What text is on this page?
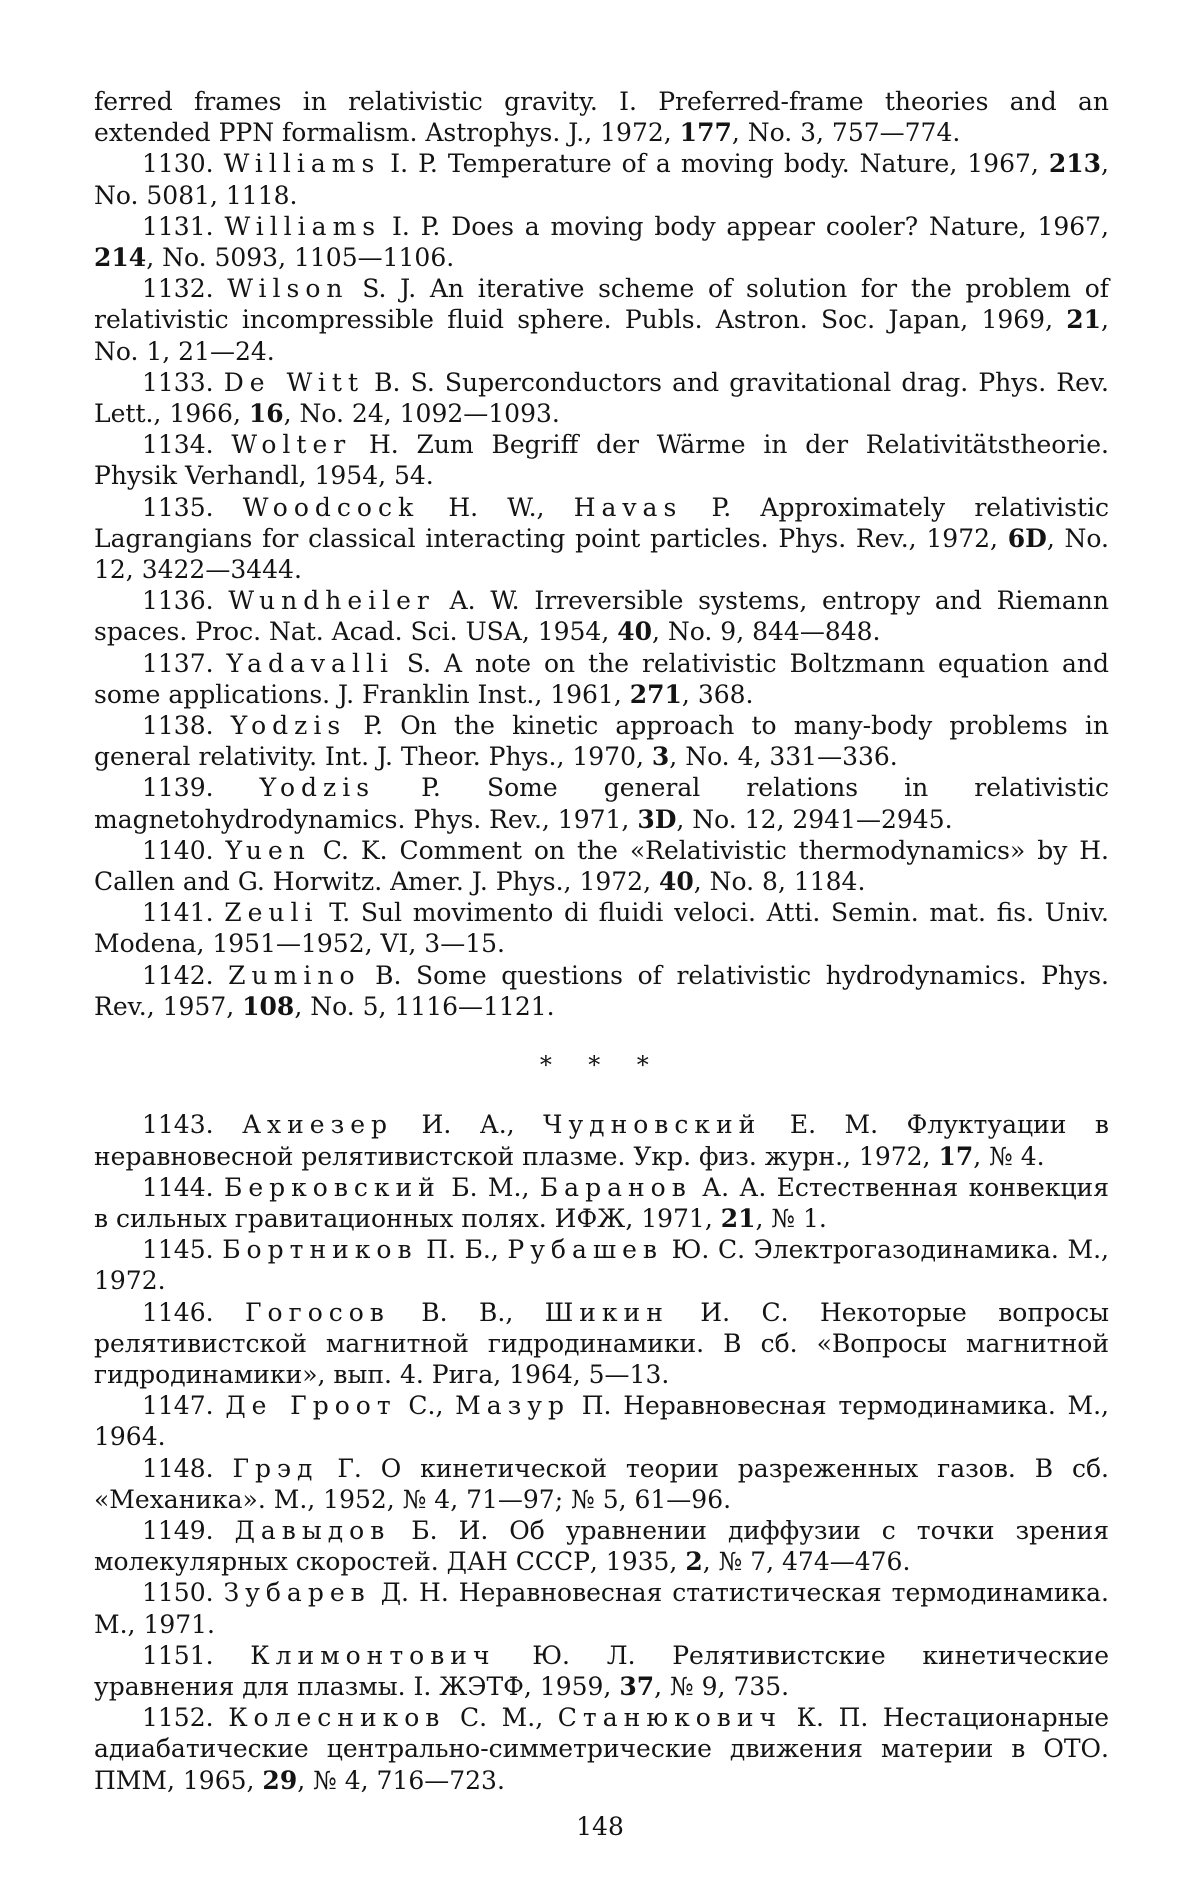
ferred frames in relativistic gravity. I. Preferred-frame theories and an extended PPN formalism. Astrophys. J., 1972, 177, No. 3, 757—774.

1130. Williams I. P. Temperature of a moving body. Nature, 1967, 213, No. 5081, 1118.

1131. Williams I. P. Does a moving body appear cooler? Nature, 1967, 214, No. 5093, 1105—1106.

1132. Wilson S. J. An iterative scheme of solution for the problem of relativistic incompressible fluid sphere. Publs. Astron. Soc. Japan, 1969, 21, No. 1, 21—24.

1133. De Witt B. S. Superconductors and gravitational drag. Phys. Rev. Lett., 1966, 16, No. 24, 1092—1093.

1134. Wolter H. Zum Begriff der Wärme in der Relativitätstheorie. Physik Verhandl, 1954, 54.

1135. Woodcock H. W., Havas P. Approximately relativistic Lagrangians for classical interacting point particles. Phys. Rev., 1972, 6D, No. 12, 3422—3444.

1136. Wundheiler A. W. Irreversible systems, entropy and Riemann spaces. Proc. Nat. Acad. Sci. USA, 1954, 40, No. 9, 844—848.

1137. Yadavalli S. A note on the relativistic Boltzmann equation and some applications. J. Franklin Inst., 1961, 271, 368.

1138. Yodzis P. On the kinetic approach to many-body problems in general relativity. Int. J. Theor. Phys., 1970, 3, No. 4, 331—336.

1139. Yodzis P. Some general relations in relativistic magnetohydrodynamics. Phys. Rev., 1971, 3D, No. 12, 2941—2945.

1140. Yuen C. K. Comment on the «Relativistic thermodynamics» by H. Callen and G. Horwitz. Amer. J. Phys., 1972, 40, No. 8, 1184.

1141. Zeuli T. Sul movimento di fluidi veloci. Atti. Semin. mat. fis. Univ. Modena, 1951—1952, VI, 3—15.

1142. Zumino B. Some questions of relativistic hydrodynamics. Phys. Rev., 1957, 108, No. 5, 1116—1121.

* * *

1143. Ахиезер И. А., Чудновский Е. М. Флуктуации в неравновесной релятивистской плазме. Укр. физ. журн., 1972, 17, № 4.

1144. Берковский Б. М., Баранов А. А. Естественная конвекция в сильных гравитационных полях. ИФЖ, 1971, 21, № 1.

1145. Бортников П. Б., Рубашев Ю. С. Электрогазодинамика. М., 1972.

1146. Гогосов В. В., Шикин И. С. Некоторые вопросы релятивистской магнитной гидродинамики. В сб. «Вопросы магнитной гидродинамики», вып. 4. Рига, 1964, 5—13.

1147. Де Гроот С., Мазур П. Неравновесная термодинамика. М., 1964.

1148. Грэд Г. О кинетической теории разреженных газов. В сб. «Механика». М., 1952, № 4, 71—97; № 5, 61—96.

1149. Давыдов Б. И. Об уравнении диффузии с точки зрения молекулярных скоростей. ДАН СССР, 1935, 2, № 7, 474—476.

1150. Зубарев Д. Н. Неравновесная статистическая термодинамика. М., 1971.

1151. Климонтович Ю. Л. Релятивистские кинетические уравнения для плазмы. I. ЖЭТФ, 1959, 37, № 9, 735.

1152. Колесников С. М., Станюкович К. П. Нестационарные адиабатические центрально-симметрические движения материи в ОТО. ПММ, 1965, 29, № 4, 716—723.

148
